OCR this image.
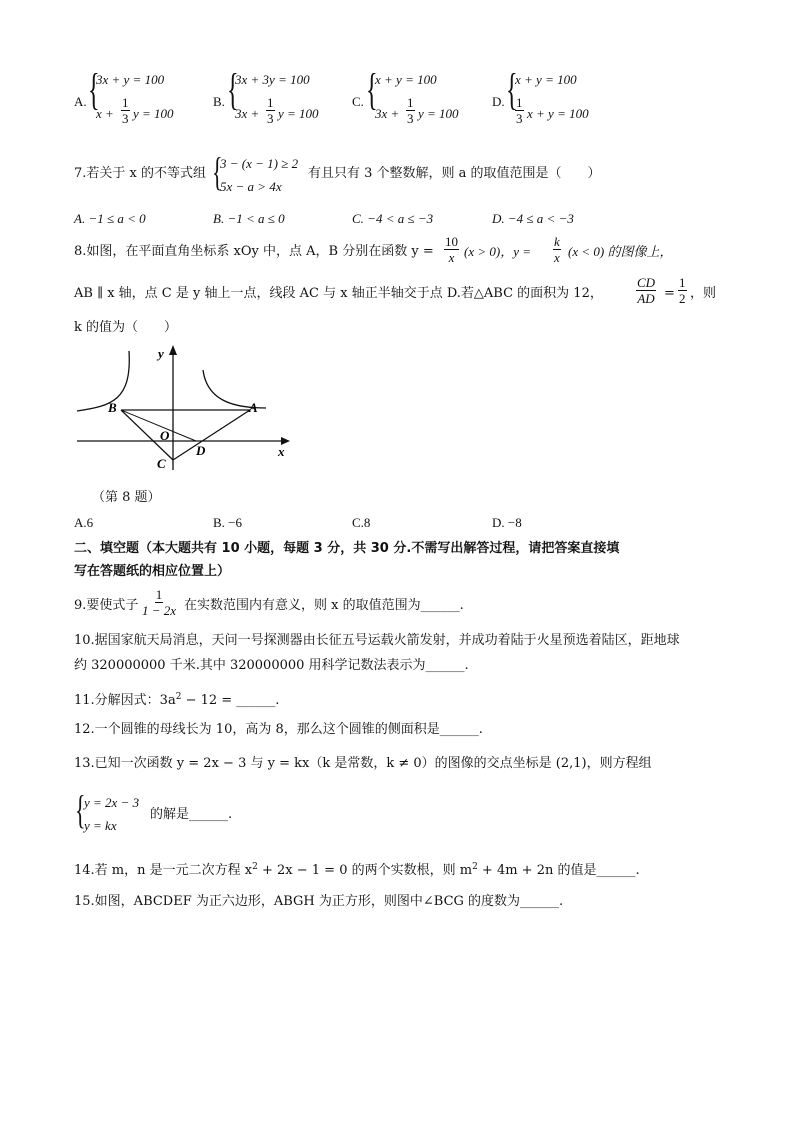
A. {
3x + y = 100
$x + \frac{1}{3}$ y = 100
B. {
3x + 3y = 100
$3x + \frac{1}{3}$ y = 100
C. {
x + y = 100
$3x + \frac{1}{3}$ y = 100
D. {
x + y = 100
$\frac{1}{3}$ x + y = 100
7.若关于 x 的不等式组 {
3 − (x − 1) ≥ 2
5x − a > 4x
有且只有 3 个整数解，则 a 的取值范围是（　　）
A. −1 ≤ a < 0	B. −1 < a ≤ 0	C. −4 < a ≤ −3	D. −4 ≤ a < −3
8.如图，在平面直角坐标系 xOy 中，点 A，B 分别在函数 $y = \frac{10}{x} (x > 0)$，$y = \frac{k}{x} (x < 0)$ 的图像上，
AB ∥ x 轴，点 C 是 y 轴上一点，线段 AC 与 x 轴正半轴交于点 D.若△ABC 的面积为 12，	$\frac{CD}{AD} = \frac{1}{2}$ ，则
k 的值为（　　）
y
x
B	A
O
C
D
（第 8 题）
A.6	B. −6	C.8	D. −8
二、填空题（本大题共有 10 小题，每题 3 分，共 30 分.不需写出解答过程，请把答案直接填
写在答题纸的相应位置上）
9.要使式子 $\frac{1}{1 - 2x}$ 在实数范围内有意义，则 x 的取值范围为______.
10.据国家航天局消息，天问一号探测器由长征五号运载火箭发射，并成功着陆于火星预选着陆区，距地球
约 320000000 千米.其中 320000000 用科学记数法表示为______.
11.分解因式：$3a^2 - 12$ = ______.
12.一个圆锥的母线长为 10，高为 8，那么这个圆锥的侧面积是______.
13.已知一次函数 y = 2x − 3 与 y = kx（k 是常数，k ≠ 0）的图像的交点坐标是 (2,1)，则方程组
{
y = 2x − 3
y = kx
的解是______.
14.若 m，n 是一元二次方程 $x^2 + 2x - 1 = 0$ 的两个实数根，则 $m^2 + 4m + 2n$ 的值是______.
15.如图，ABCDEF 为正六边形，ABGH 为正方形，则图中∠BCG 的度数为______.
